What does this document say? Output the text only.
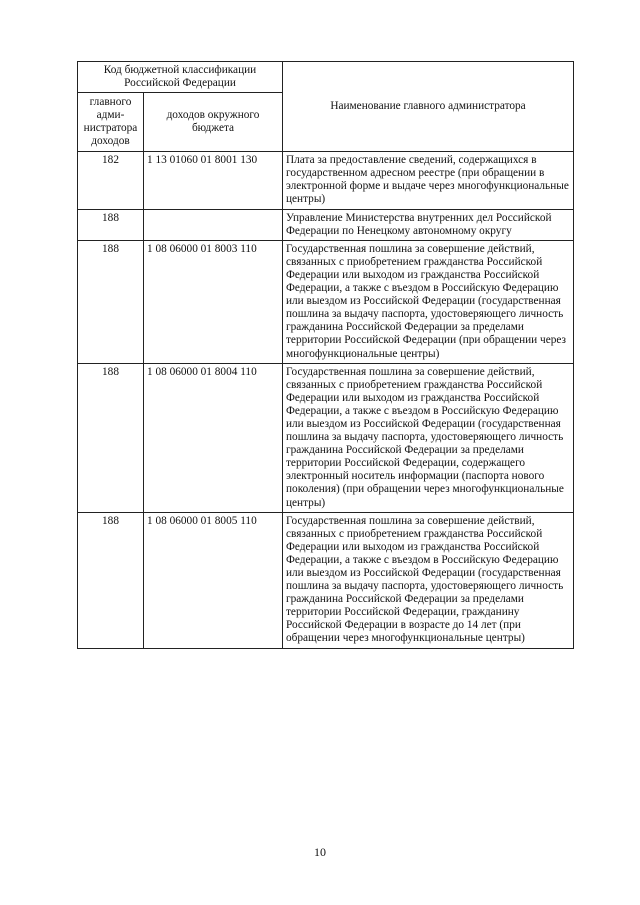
Код бюджетной классификации Российской Федерации		Наименование главного администратора
главного адми-нистратора доходов	доходов окружного бюджета	
182	1 13 01060 01 8001 130	Плата за предоставление сведений, содержащихся в государственном адресном реестре (при обращении в электронной форме и выдаче через многофункциональные центры)
188		Управление Министерства внутренних дел Российской Федерации по Ненецкому автономному округу
188	1 08 06000 01 8003 110	Государственная пошлина за совершение действий, связанных с приобретением гражданства Российской Федерации или выходом из гражданства Российской Федерации, а также с въездом в Российскую Федерацию или выездом из Российской Федерации (государственная пошлина за выдачу паспорта, удостоверяющего личность гражданина Российской Федерации за пределами территории Российской Федерации (при обращении через многофункциональные центры)
188	1 08 06000 01 8004 110	Государственная пошлина за совершение действий, связанных с приобретением гражданства Российской Федерации или выходом из гражданства Российской Федерации, а также с въездом в Российскую Федерацию или выездом из Российской Федерации (государственная пошлина за выдачу паспорта, удостоверяющего личность гражданина Российской Федерации за пределами территории Российской Федерации, содержащего электронный носитель информации (паспорта нового поколения) (при обращении через многофункциональные центры)
188	1 08 06000 01 8005 110	Государственная пошлина за совершение действий, связанных с приобретением гражданства Российской Федерации или выходом из гражданства Российской Федерации, а также с въездом в Российскую Федерацию или выездом из Российской Федерации (государственная пошлина за выдачу паспорта, удостоверяющего личность гражданина Российской Федерации за пределами территории Российской Федерации, гражданину Российской Федерации в возрасте до 14 лет (при обращении через многофункциональные центры)
10
